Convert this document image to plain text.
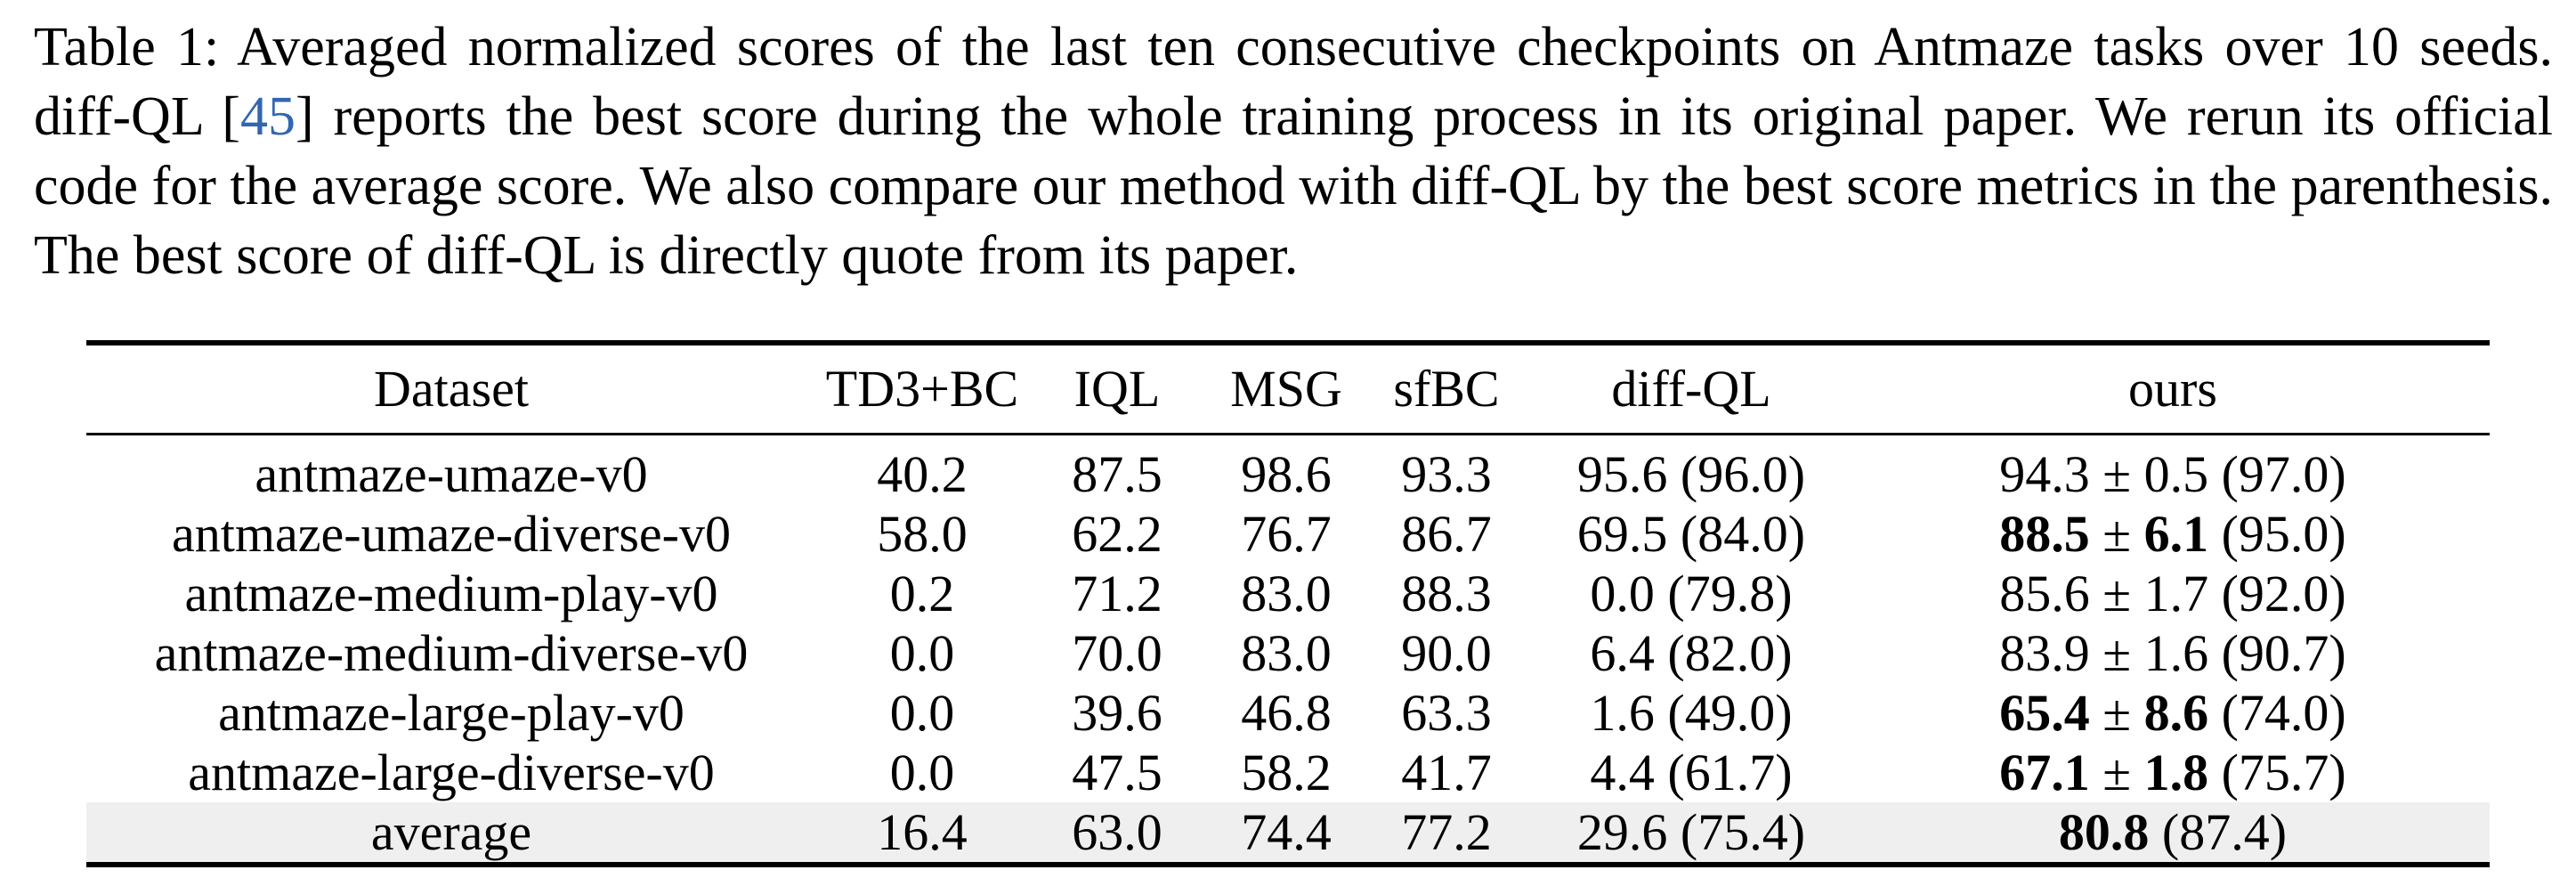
Table 1: Averaged normalized scores of the last ten consecutive checkpoints on Antmaze tasks over 10 seeds. diff-QL [45] reports the best score during the whole training process in its original paper. We rerun its official code for the average score. We also compare our method with diff-QL by the best score metrics in the parenthesis. The best score of diff-QL is directly quote from its paper.
Dataset	TD3+BC	IQL	MSG	sfBC	diff-QL	ours
antmaze-umaze-v0	40.2	87.5	98.6	93.3	95.6 (96.0)	94.3 ± 0.5 (97.0)
antmaze-umaze-diverse-v0	58.0	62.2	76.7	86.7	69.5 (84.0)	88.5 ± 6.1 (95.0)
antmaze-medium-play-v0	0.2	71.2	83.0	88.3	0.0 (79.8)	85.6 ± 1.7 (92.0)
antmaze-medium-diverse-v0	0.0	70.0	83.0	90.0	6.4 (82.0)	83.9 ± 1.6 (90.7)
antmaze-large-play-v0	0.0	39.6	46.8	63.3	1.6 (49.0)	65.4 ± 8.6 (74.0)
antmaze-large-diverse-v0	0.0	47.5	58.2	41.7	4.4 (61.7)	67.1 ± 1.8 (75.7)
average	16.4	63.0	74.4	77.2	29.6 (75.4)	80.8 (87.4)
